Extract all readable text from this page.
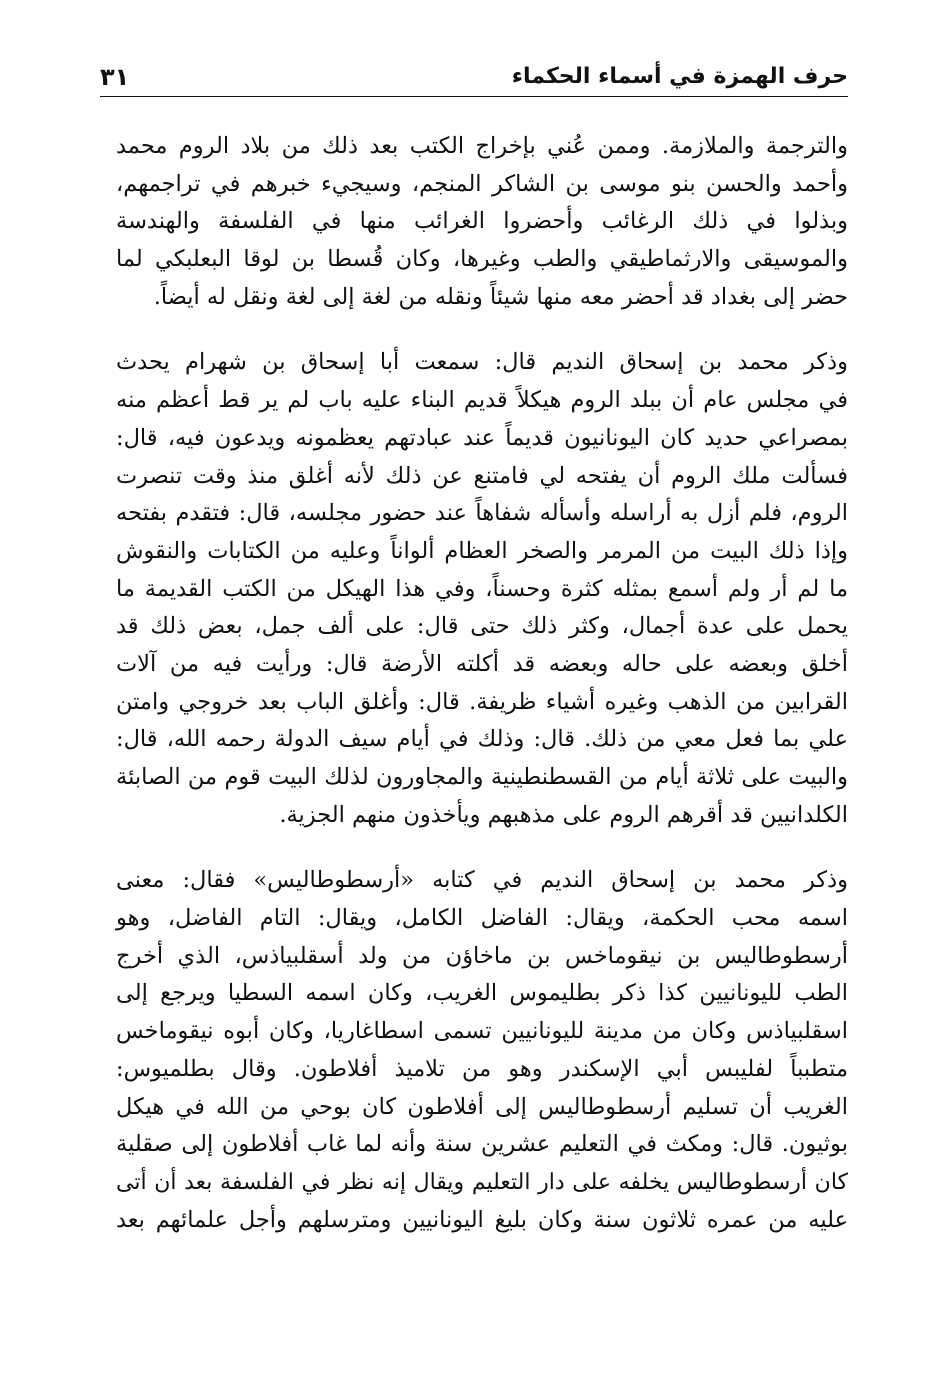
حرف الهمزة في أسماء الحكماء
٣١
والترجمة والملازمة. وممن عُني بإخراج الكتب بعد ذلك من بلاد الروم محمد
وأحمد والحسن بنو موسى بن الشاكر المنجم، وسيجيء خبرهم في تراجمهم،
وبذلوا في ذلك الرغائب وأحضروا الغرائب منها في الفلسفة والهندسة
والموسيقى والارثماطيقي والطب وغيرها، وكان قُسطا بن لوقا البعلبكي لما
حضر إلى بغداد قد أحضر معه منها شيئاً ونقله من لغة إلى لغة ونقل له أيضاً.
وذكر محمد بن إسحاق النديم قال: سمعت أبا إسحاق بن شهرام يحدث
في مجلس عام أن ببلد الروم هيكلاً قديم البناء عليه باب لم ير قط أعظم منه
بمصراعي حديد كان اليونانيون قديماً عند عبادتهم يعظمونه ويدعون فيه، قال:
فسألت ملك الروم أن يفتحه لي فامتنع عن ذلك لأنه أغلق منذ وقت تنصرت
الروم، فلم أزل به أراسله وأسأله شفاهاً عند حضور مجلسه، قال: فتقدم بفتحه
وإذا ذلك البيت من المرمر والصخر العظام ألواناً وعليه من الكتابات والنقوش
ما لم أر ولم أسمع بمثله كثرة وحسناً، وفي هذا الهيكل من الكتب القديمة ما
يحمل على عدة أجمال، وكثر ذلك حتى قال: على ألف جمل، بعض ذلك قد
أخلق وبعضه على حاله وبعضه قد أكلته الأرضة قال: ورأيت فيه من آلات
القرابين من الذهب وغيره أشياء ظريفة. قال: وأغلق الباب بعد خروجي وامتن
علي بما فعل معي من ذلك. قال: وذلك في أيام سيف الدولة رحمه الله، قال:
والبيت على ثلاثة أيام من القسطنطينية والمجاورون لذلك البيت قوم من الصابئة
الكلدانيين قد أقرهم الروم على مذهبهم ويأخذون منهم الجزية.
وذكر محمد بن إسحاق النديم في كتابه «أرسطوطاليس» فقال: معنى
اسمه محب الحكمة، ويقال: الفاضل الكامل، ويقال: التام الفاضل، وهو
أرسطوطاليس بن نيقوماخس بن ماخاؤن من ولد أسقلبياذس، الذي أخرج
الطب لليونانيين كذا ذكر بطليموس الغريب، وكان اسمه السطيا ويرجع إلى
اسقلبياذس وكان من مدينة لليونانيين تسمى اسطاغاريا، وكان أبوه نيقوماخس
متطبباً لفليبس أبي الإسكندر وهو من تلاميذ أفلاطون. وقال بطلميوس:
الغريب أن تسليم أرسطوطاليس إلى أفلاطون كان بوحي من الله في هيكل
بوثيون. قال: ومكث في التعليم عشرين سنة وأنه لما غاب أفلاطون إلى صقلية
كان أرسطوطاليس يخلفه على دار التعليم ويقال إنه نظر في الفلسفة بعد أن أتى
عليه من عمره ثلاثون سنة وكان بليغ اليونانيين ومترسلهم وأجل علمائهم بعد
